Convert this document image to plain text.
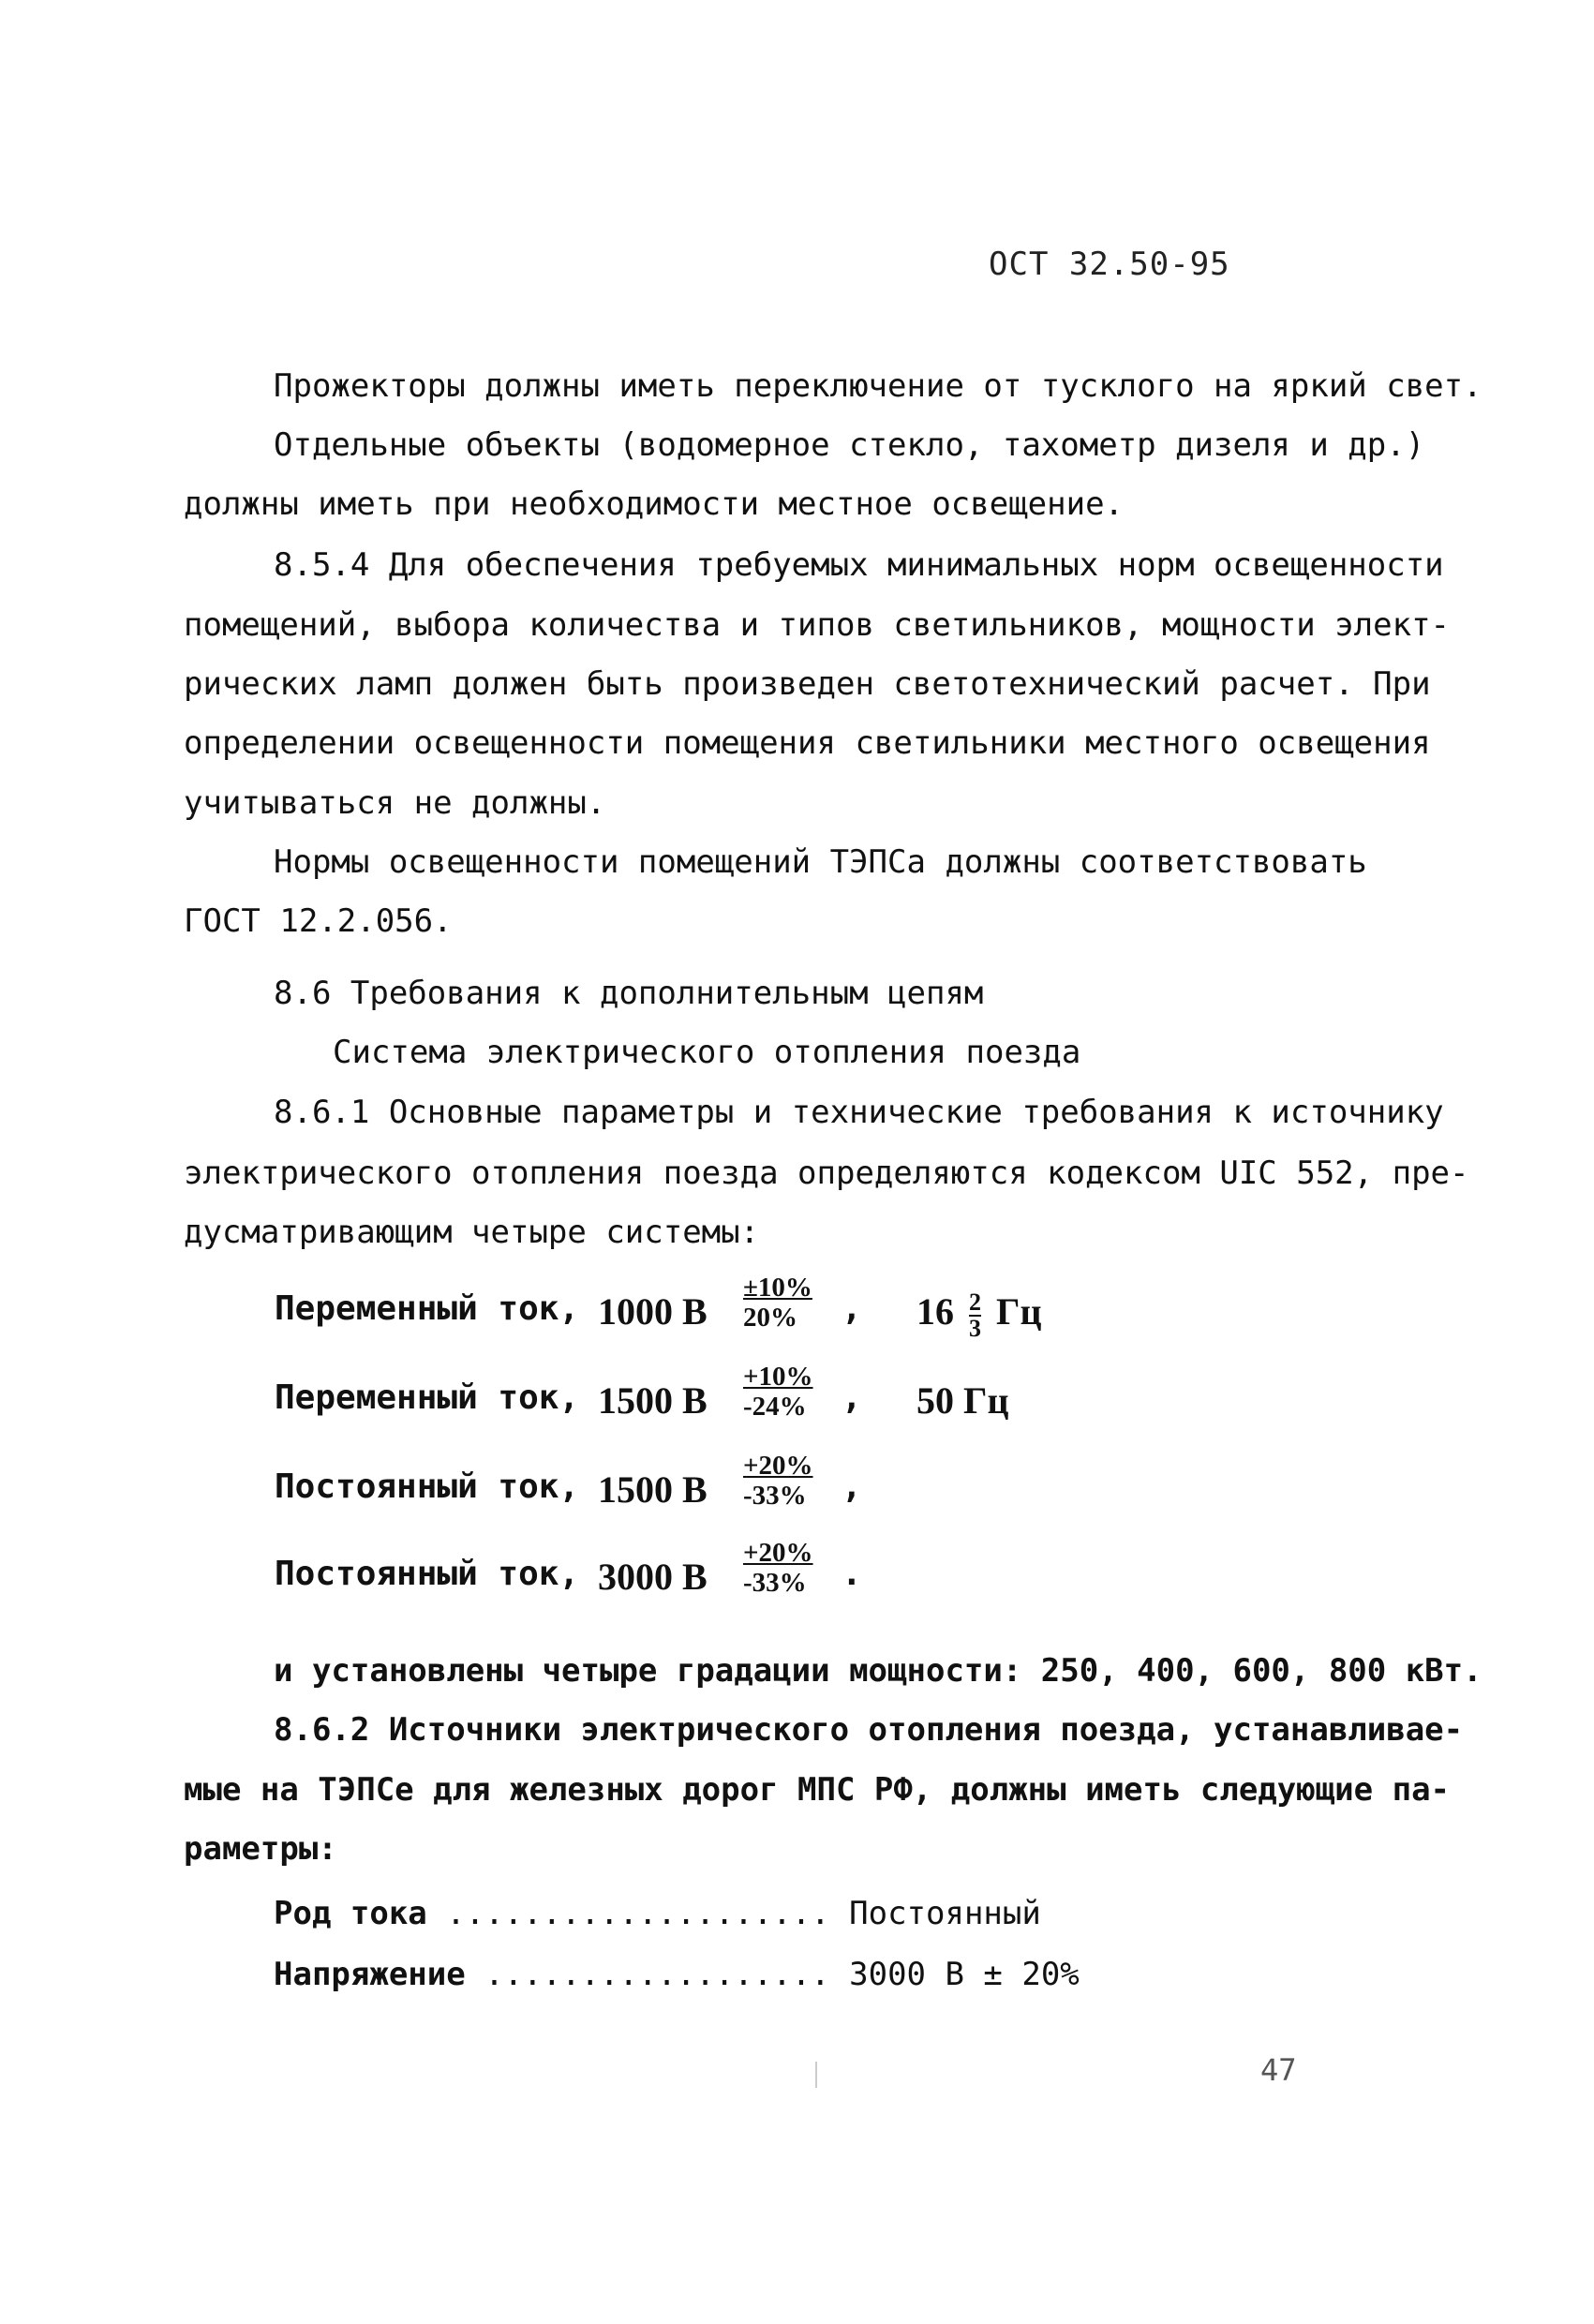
ОСТ 32.50-95
Прожекторы должны иметь переключение от тусклого на яркий свет.
Отдельные объекты (водомерное стекло, тахометр дизеля и др.)
должны иметь при необходимости местное освещение.
8.5.4 Для обеспечения требуемых минимальных норм освещенности
помещений, выбора количества и типов светильников, мощности элект-
рических ламп должен быть произведен светотехнический расчет. При
определении освещенности помещения светильники местного освещения
учитываться не должны.
Нормы освещенности помещений ТЭПСа должны соответствовать
ГОСТ 12.2.056.
8.6 Требования к дополнительным цепям
Система электрического отопления поезда
8.6.1 Основные параметры и технические требования к источнику
электрического отопления поезда определяются кодексом UIC 552, пре-
дусматривающим четыре системы:
Переменный ток, 1000 В
±10%
20% , $16 \frac{2}{3}$ Гц
Переменный ток, 1500 В
+10%
-24% , 50 Гц
Постоянный ток, 1500 В
+20%
-33% ,
Постоянный ток, 3000 В
+20%
-33% .
и установлены четыре градации мощности: 250, 400, 600, 800 кВт.
8.6.2 Источники электрического отопления поезда, устанавливае-
мые на ТЭПСе для железных дорог МПС РФ, должны иметь следующие па-
раметры:
Род тока .................... Постоянный
Напряжение .................. 3000 В ± 20%
47
